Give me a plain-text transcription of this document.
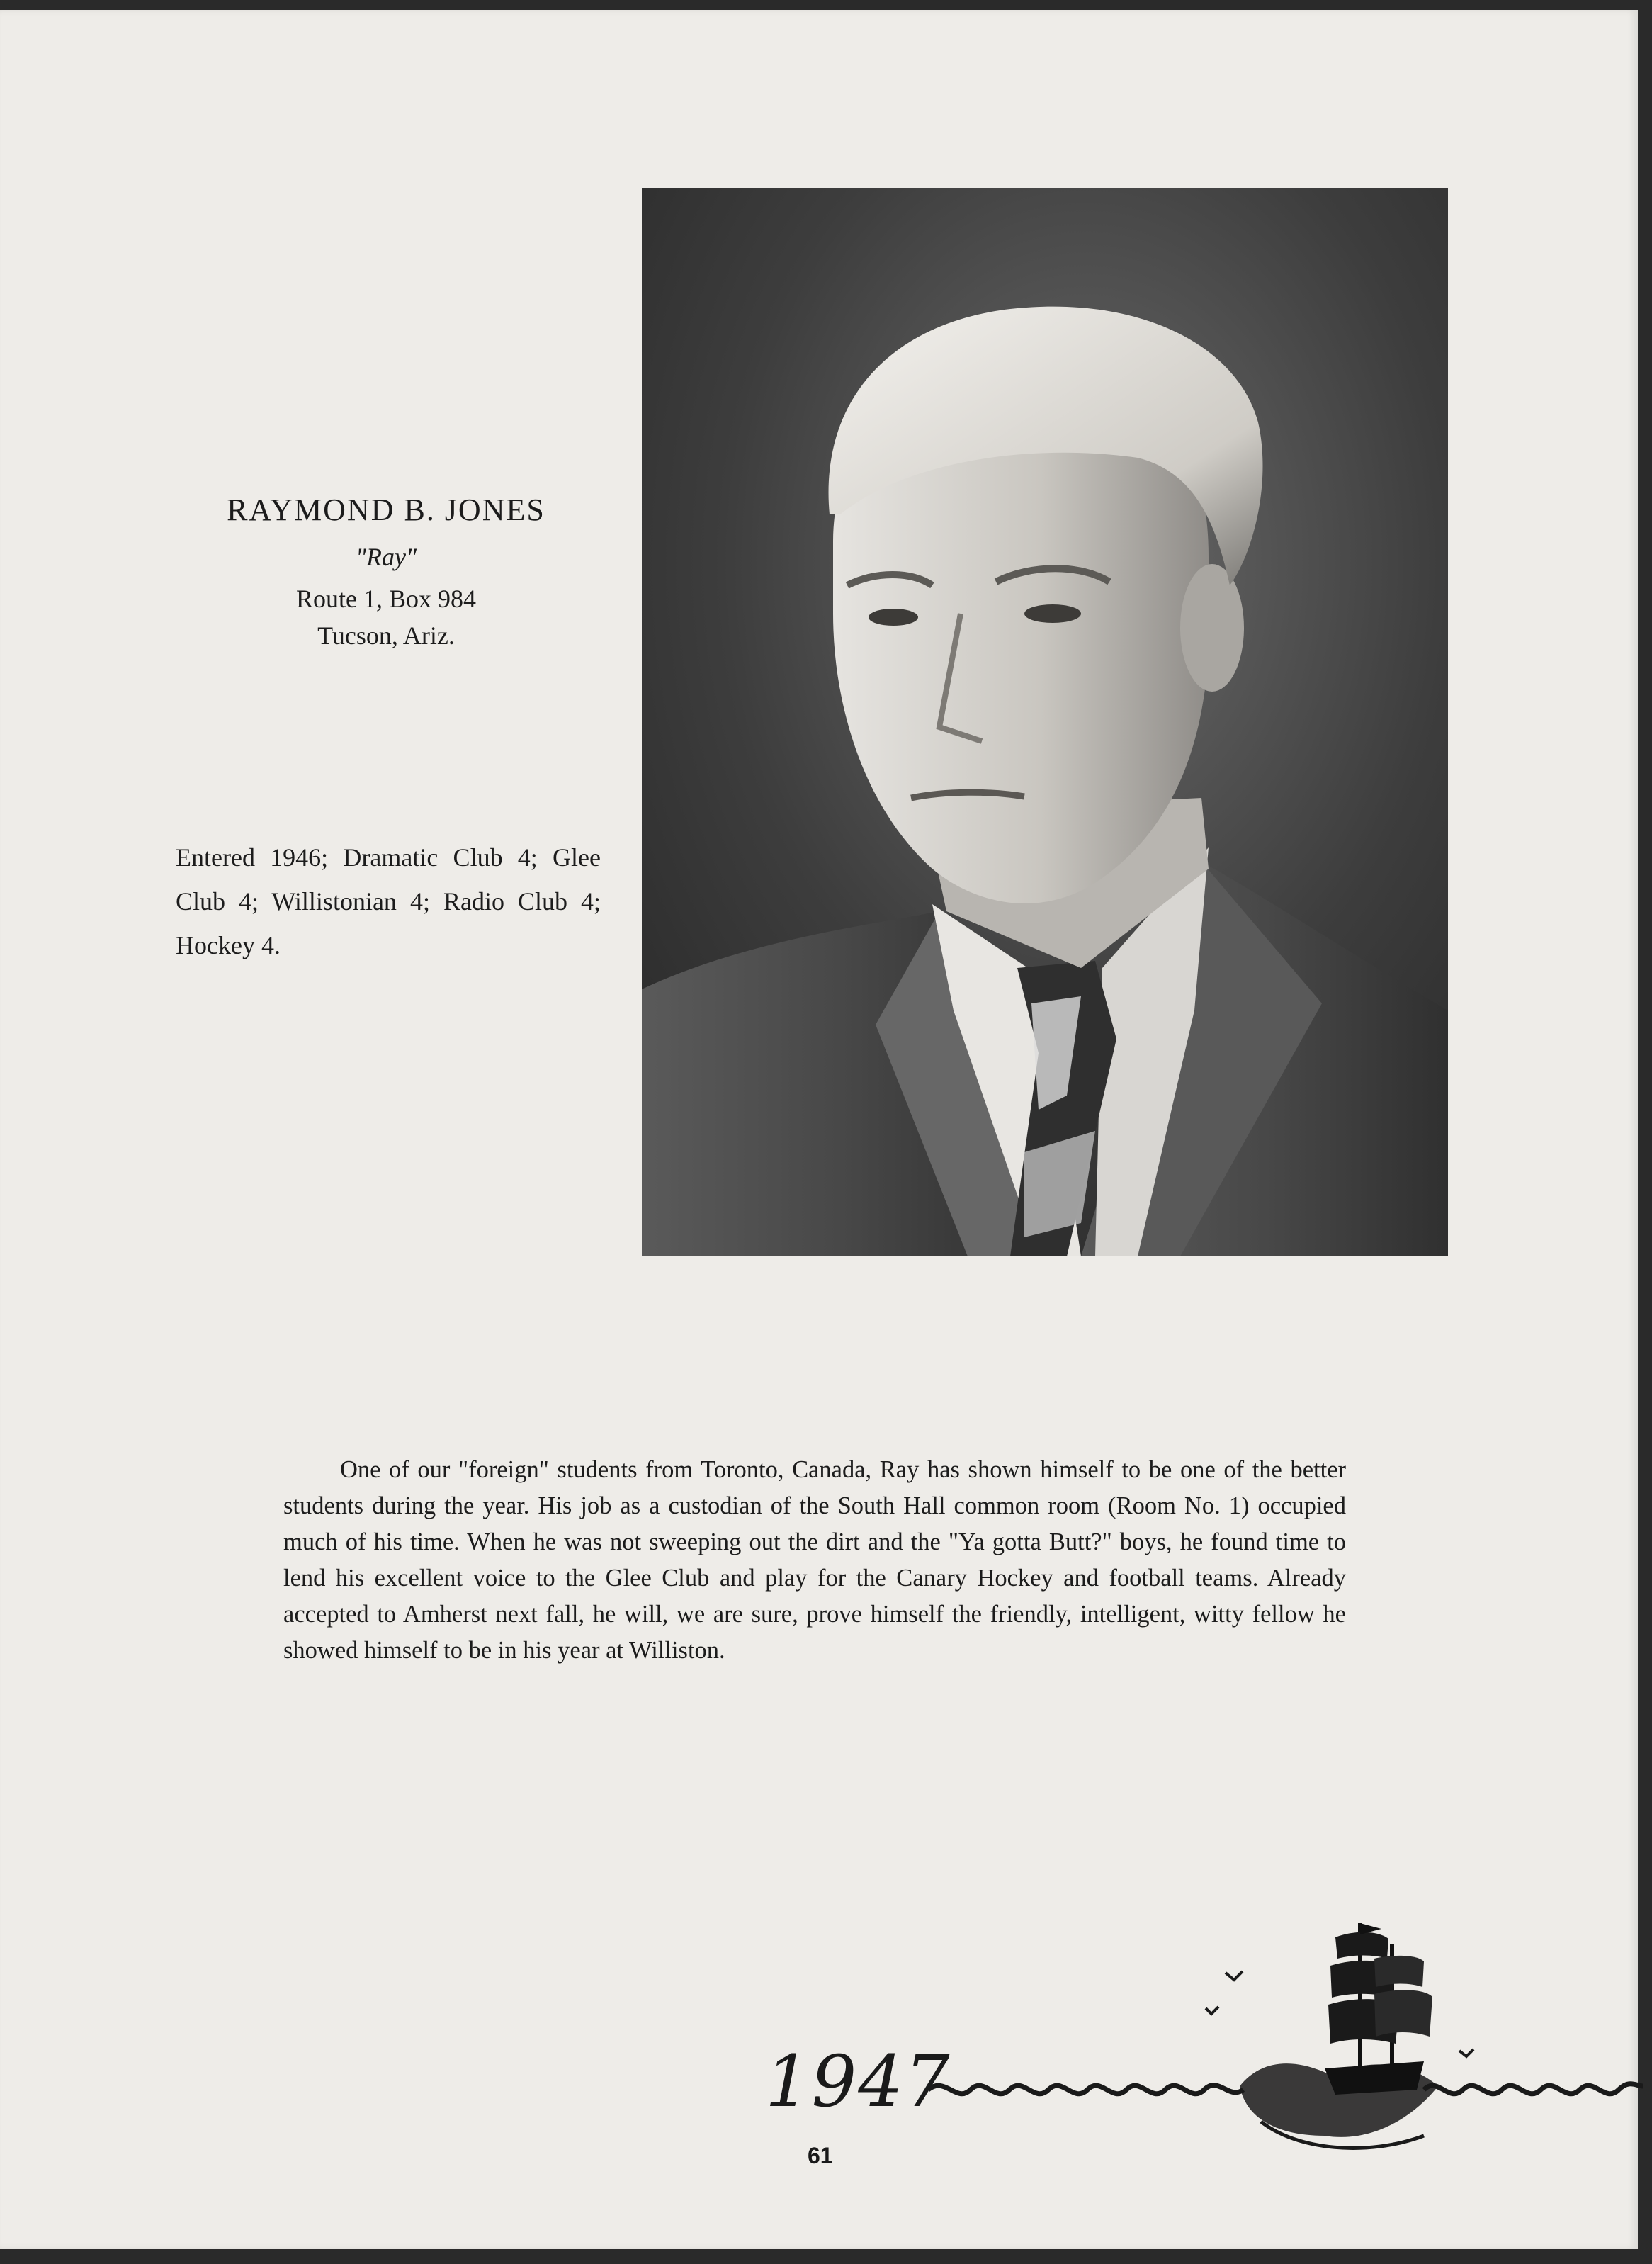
RAYMOND B. JONES
"Ray"
Route 1, Box 984
Tucson, Ariz.
Entered 1946; Dramatic Club 4; Glee Club 4; Willistonian 4; Radio Club 4; Hockey 4.

One of our "foreign" students from Toronto, Canada, Ray has shown himself to be one of the better students during the year. His job as a custodian of the South Hall common room (Room No. 1) occupied much of his time. When he was not sweeping out the dirt and the "Ya gotta Butt?" boys, he found time to lend his excellent voice to the Glee Club and play for the Canary Hockey and football teams. Already accepted to Amherst next fall, he will, we are sure, prove himself the friendly, intelligent, witty fellow he showed himself to be in his year at Williston.

1947
61
